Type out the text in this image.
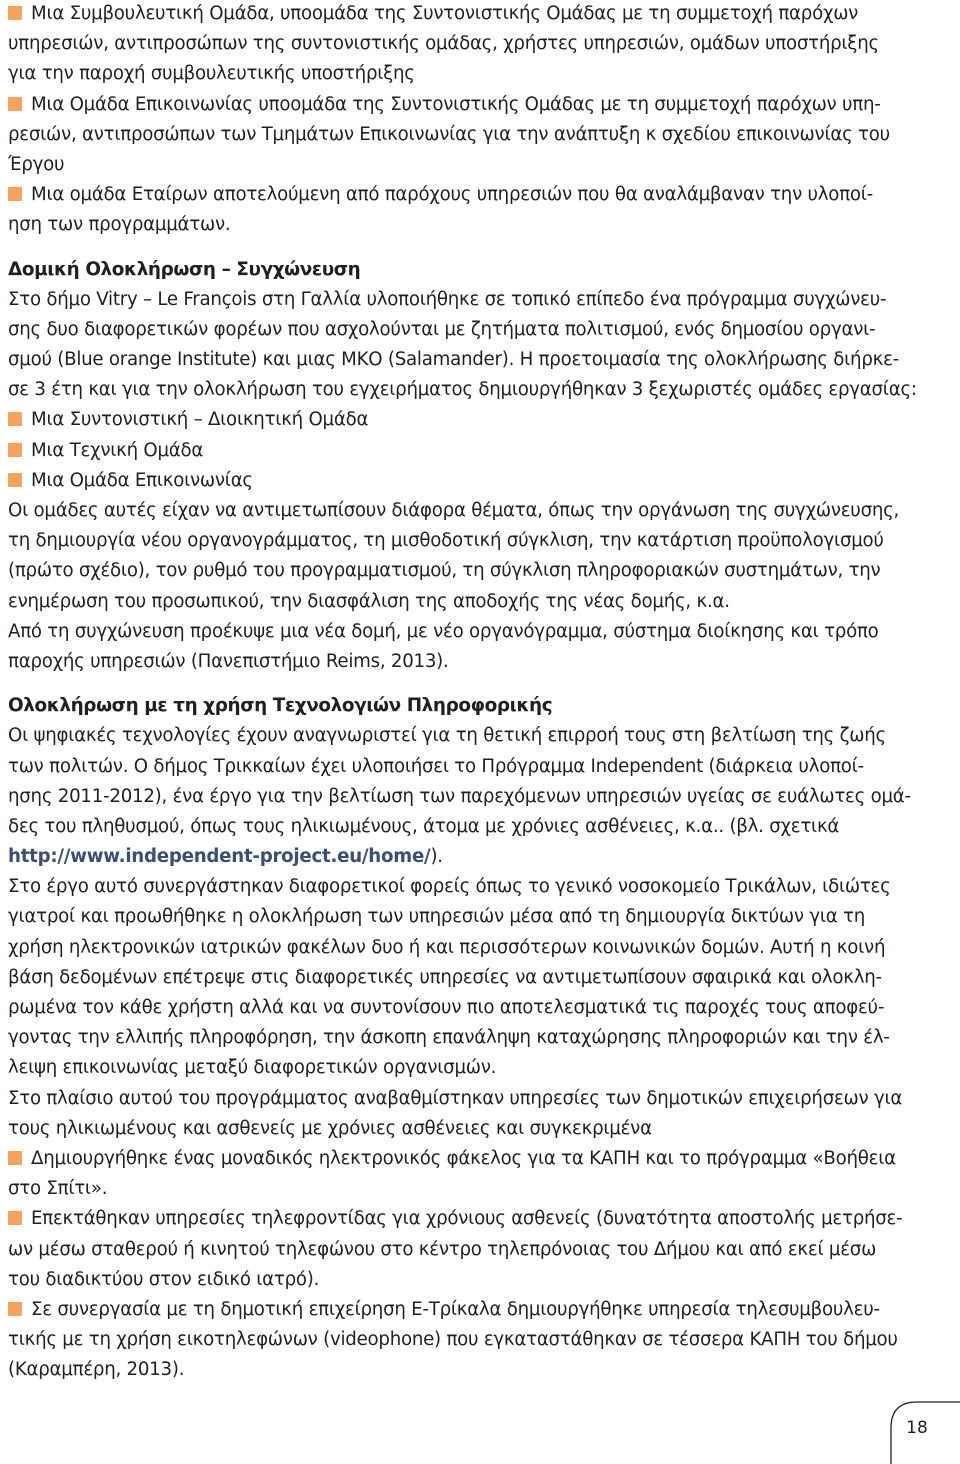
Μια Συμβουλευτική Ομάδα, υποομάδα της Συντονιστικής Ομάδας με τη συμμετοχή παρόχων
υπηρεσιών, αντιπροσώπων της συντονιστικής ομάδας, χρήστες υπηρεσιών, ομάδων υποστήριξης
για την παροχή συμβουλευτικής υποστήριξης
Μια Ομάδα Επικοινωνίας υποομάδα της Συντονιστικής Ομάδας με τη συμμετοχή παρόχων υπη-
ρεσιών, αντιπροσώπων των Τμημάτων Επικοινωνίας για την ανάπτυξη κ σχεδίου επικοινωνίας του
Έργου
Μια ομάδα Εταίρων αποτελούμενη από παρόχους υπηρεσιών που θα αναλάμβαναν την υλοποί-
ηση των προγραμμάτων.
Δομική Ολοκλήρωση – Συγχώνευση
Στο δήμο Vitry – Le François στη Γαλλία υλοποιήθηκε σε τοπικό επίπεδο ένα πρόγραμμα συγχώνευ-
σης δυο διαφορετικών φορέων που ασχολούνται με ζητήματα πολιτισμού, ενός δημοσίου οργανι-
σμού (Blue orange Institute) και μιας ΜΚΟ (Salamander). Η προετοιμασία της ολοκλήρωσης διήρκε-
σε 3 έτη και για την ολοκλήρωση του εγχειρήματος δημιουργήθηκαν 3 ξεχωριστές ομάδες εργασίας:
Μια Συντονιστική – Διοικητική Ομάδα
Μια Τεχνική Ομάδα
Μια Ομάδα Επικοινωνίας
Οι ομάδες αυτές είχαν να αντιμετωπίσουν διάφορα θέματα, όπως την οργάνωση της συγχώνευσης,
τη δημιουργία νέου οργανογράμματος, τη μισθοδοτική σύγκλιση, την κατάρτιση προϋπολογισμού
(πρώτο σχέδιο), τον ρυθμό του προγραμματισμού, τη σύγκλιση πληροφοριακών συστημάτων, την
ενημέρωση του προσωπικού, την διασφάλιση της αποδοχής της νέας δομής, κ.α.
Από τη συγχώνευση προέκυψε μια νέα δομή, με νέο οργανόγραμμα, σύστημα διοίκησης και τρόπο
παροχής υπηρεσιών (Πανεπιστήμιο Reims, 2013).
Ολοκλήρωση με τη χρήση Τεχνολογιών Πληροφορικής
Οι ψηφιακές τεχνολογίες έχουν αναγνωριστεί για τη θετική επιρροή τους στη βελτίωση της ζωής
των πολιτών. Ο δήμος Τρικκαίων έχει υλοποιήσει το Πρόγραμμα Independent (διάρκεια υλοποί-
ησης 2011-2012), ένα έργο για την βελτίωση των παρεχόμενων υπηρεσιών υγείας σε ευάλωτες ομά-
δες του πληθυσμού, όπως τους ηλικιωμένους, άτομα με χρόνιες ασθένειες, κ.α.. (βλ. σχετικά
http://www.independent-project.eu/home/).
Στο έργο αυτό συνεργάστηκαν διαφορετικοί φορείς όπως το γενικό νοσοκομείο Τρικάλων, ιδιώτες
γιατροί και προωθήθηκε η ολοκλήρωση των υπηρεσιών μέσα από τη δημιουργία δικτύων για τη
χρήση ηλεκτρονικών ιατρικών φακέλων δυο ή και περισσότερων κοινωνικών δομών. Αυτή η κοινή
βάση δεδομένων επέτρεψε στις διαφορετικές υπηρεσίες να αντιμετωπίσουν σφαιρικά και ολοκλη-
ρωμένα τον κάθε χρήστη αλλά και να συντονίσουν πιο αποτελεσματικά τις παροχές τους αποφεύ-
γοντας την ελλιπής πληροφόρηση, την άσκοπη επανάληψη καταχώρησης πληροφοριών και την έλ-
λειψη επικοινωνίας μεταξύ διαφορετικών οργανισμών.
Στο πλαίσιο αυτού του προγράμματος αναβαθμίστηκαν υπηρεσίες των δημοτικών επιχειρήσεων για
τους ηλικιωμένους και ασθενείς με χρόνιες ασθένειες και συγκεκριμένα
Δημιουργήθηκε ένας μοναδικός ηλεκτρονικός φάκελος για τα ΚΑΠΗ και το πρόγραμμα «Βοήθεια
στο Σπίτι».
Επεκτάθηκαν υπηρεσίες τηλεφροντίδας για χρόνιους ασθενείς (δυνατότητα αποστολής μετρήσε-
ων μέσω σταθερού ή κινητού τηλεφώνου στο κέντρο τηλεπρόνοιας του Δήμου και από εκεί μέσω
του διαδικτύου στον ειδικό ιατρό).
Σε συνεργασία με τη δημοτική επιχείρηση Ε-Τρίκαλα δημιουργήθηκε υπηρεσία τηλεσυμβουλευ-
τικής με τη χρήση εικοτηλεφώνων (videophone) που εγκαταστάθηκαν σε τέσσερα ΚΑΠΗ του δήμου
(Καραμπέρη, 2013).
18
